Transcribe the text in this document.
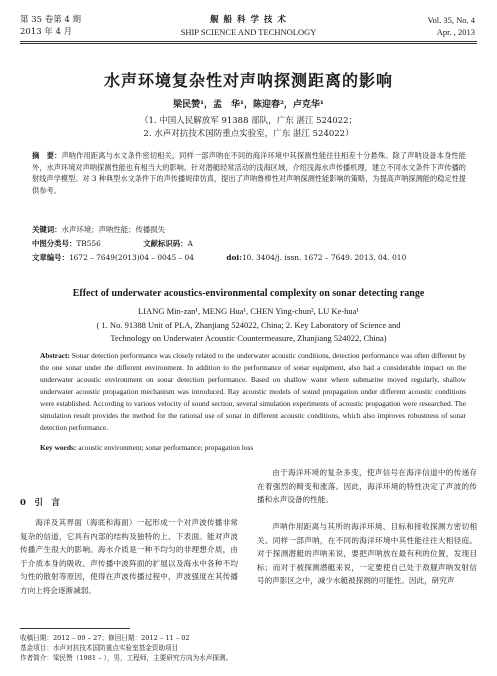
第 35 卷第 4 期
2013 年 4 月
舰 船 科 学 技 术
SHIP SCIENCE AND TECHNOLOGY
Vol. 35, No. 4
Apr. , 2013
水声环境复杂性对声呐探测距离的影响
梁民赞¹，孟　华¹，陈迎春²，卢克华¹
（1. 中国人民解放军 91388 部队，广东 湛江 524022；
2. 水声对抗技术国防重点实验室，广东 湛江 524022）
摘　要：声呐作用距离与水文条件密切相关，同样一部声呐在不同的海洋环境中其探测性能往往相差十分悬殊。除了声呐设备本身性能外，水声环境对声呐探测性能也有相当大的影响。针对潜艇经常活动的浅海区域，介绍浅海水声传播机理，建立不同水文条件下声传播的射线声学模型。对 3 种典型水文条件下的声传播规律仿真，提出了声呐鲁棒性对声呐探测性能影响的策略，为提高声呐探测能的稳定性提供参考。
关键词：水声环境；声呐性能；传播损失
中图分类号：TB556	文献标识码：A
文章编号：1672 – 7649(2013)04 – 0045 – 04	doi:10. 3404/j. issn. 1672 – 7649. 2013. 04. 010
Effect of underwater acoustics-environmental complexity on sonar detecting range
LIANG Min-zan¹, MENG Hua¹, CHEN Ying-chun², LU Ke-hua¹
( 1. No. 91388 Unit of PLA, Zhanjiang 524022, China; 2. Key Laboratory of Science and
Technology on Underwater Acoustic Countermeasure, Zhanjiang 524022, China)
Abstract: Sonar detection performance was closely related to the underwater acoustic conditions, detection performance was often different by the one sonar under the different environment. In addition to the performance of sonar equipment, also had a considerable impact on the underwater acoustic environment on sonar detection performance. Based on shallow water where submarine moved regularly, shallow underwater acoustic propagation mechanism was introduced. Ray acoustic models of sound propagation under different acoustic conditions were established. According to various velocity of sound section, several simulation experiments of acoustic propagation were researched. The simulation result provides the method for the rational use of sonar in different acoustic conditions, which also improves robustness of sonar detection performance.
Key words: acoustic environment; sonar performance; propagation loss
0　引　言
海洋及其界面（海底和海面）一起形成一个对声波传播非常复杂的信道，它具有内部的结构及独特的上、下表面。能对声波传播产生很大的影响。海水介质是一种不均匀的非理想介质，由于介质本身的吸收、声传播中波阵面的扩展以及海水中各种不均匀性的散射等原因，使得在声波传播过程中，声波强度在其传播方向上将会逐渐减弱。
由于海洋环境的复杂多变，使声信号在海洋信道中的传递存在着强烈的畸变和涨落。因此，海洋环境的特性决定了声波的传播和水声设备的性能。
声呐作用距离与其所的海洋环境、目标和接收探测方密切相关。同样一部声呐，在不同的海洋环境中其性能往往大相径庭。对于探测潜艇的声呐来说，要把声呐放在最有利的位置，发现目标；而对于被探测潜艇来说，一定要使自己处于敌舰声呐发射信号的声影区之中，减少水艇被探测的可能性。因此，研究声
收稿日期：2012 – 09 – 27；修回日期：2012 – 11 – 02
基金项目：水声对抗技术国防重点实验室基金资助项目
作者简介：梁民赞（1981 – ），男，工程师，主要研究方向为水声探测。
